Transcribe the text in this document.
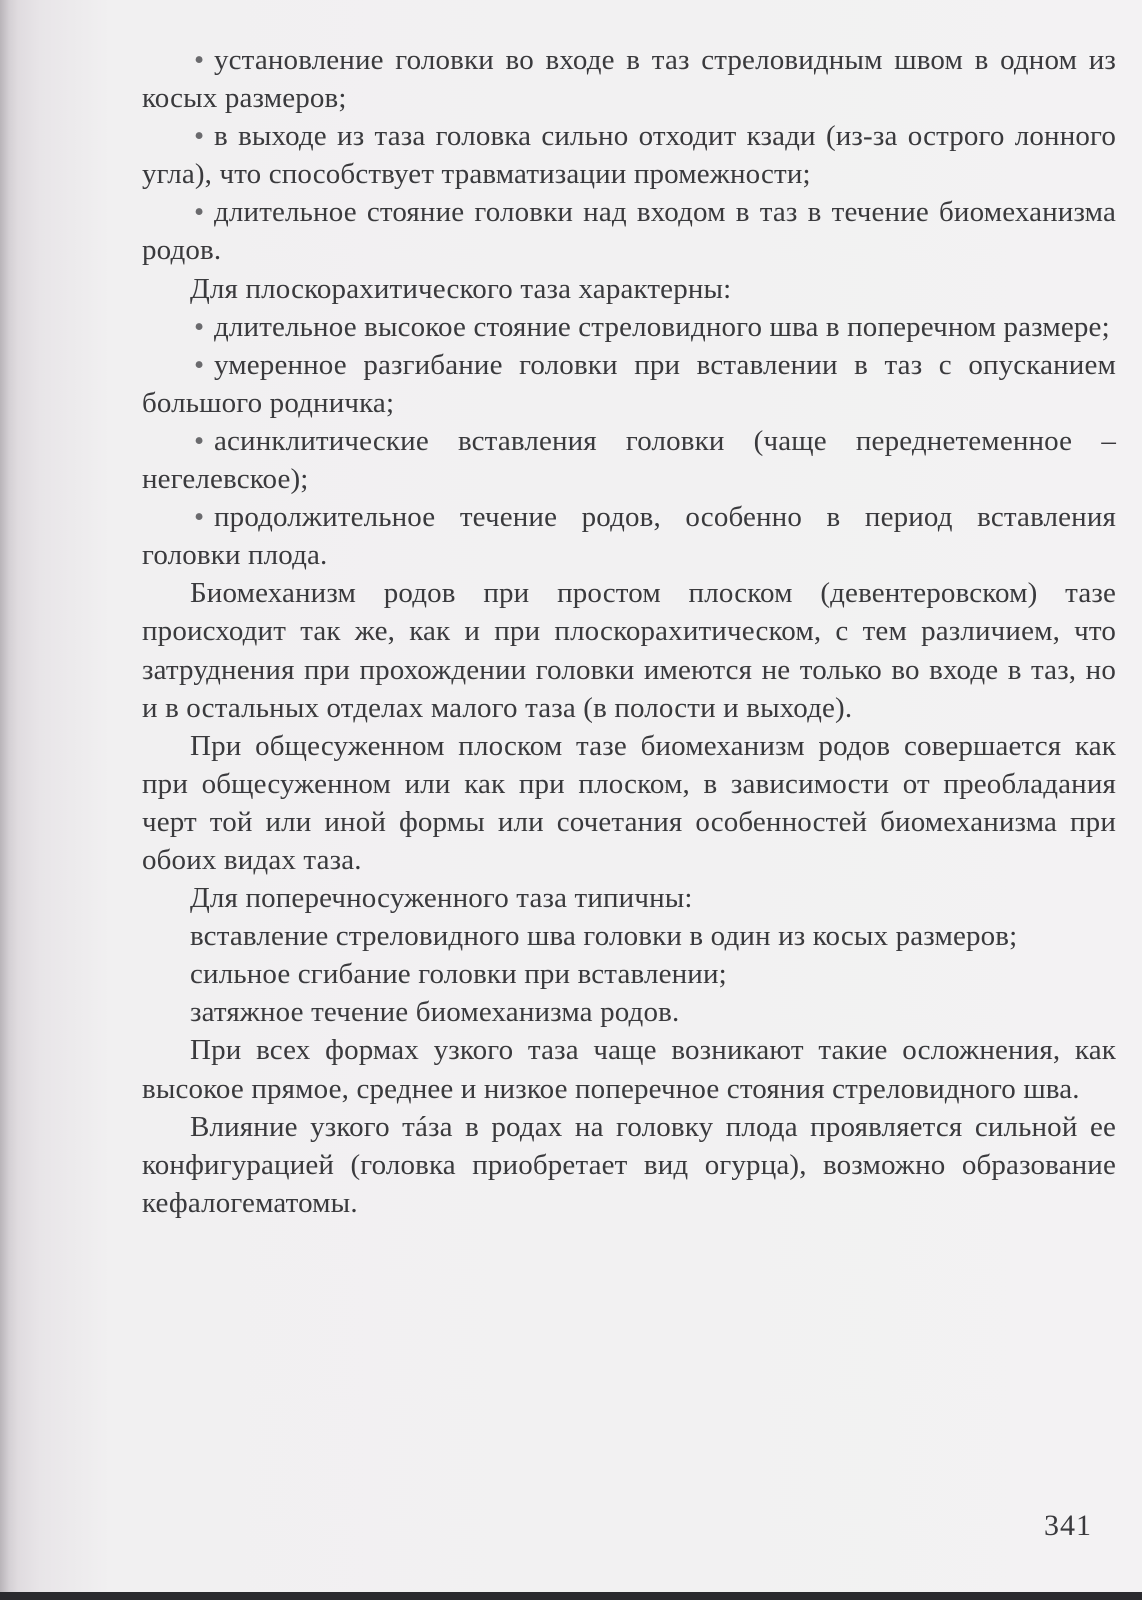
• установление головки во входе в таз стреловидным швом в одном из косых размеров;

• в выходе из таза головка сильно отходит кзади (из-за острого лонного угла), что способствует травматизации промежности;

• длительное стояние головки над входом в таз в течение биомеханизма родов.

Для плоскорахитического таза характерны:

• длительное высокое стояние стреловидного шва в поперечном размере;

• умеренное разгибание головки при вставлении в таз с опусканием большого родничка;

• асинклитические вставления головки (чаще переднетеменное – негелевское);

• продолжительное течение родов, особенно в период вставления головки плода.

Биомеханизм родов при простом плоском (девентеровском) тазе происходит так же, как и при плоскорахитическом, с тем различием, что затруднения при прохождении головки имеются не только во входе в таз, но и в остальных отделах малого таза (в полости и выходе).

При общесуженном плоском тазе биомеханизм родов совершается как при общесуженном или как при плоском, в зависимости от преобладания черт той или иной формы или сочетания особенностей биомеханизма при обоих видах таза.

Для поперечносуженного таза типичны:

вставление стреловидного шва головки в один из косых размеров;

сильное сгибание головки при вставлении;

затяжное течение биомеханизма родов.

При всех формах узкого таза чаще возникают такие осложнения, как высокое прямое, среднее и низкое поперечное стояния стреловидного шва.

Влияние узкого тáза в родах на головку плода проявляется сильной ее конфигурацией (головка приобретает вид огурца), возможно образование кефалогематомы.

341
